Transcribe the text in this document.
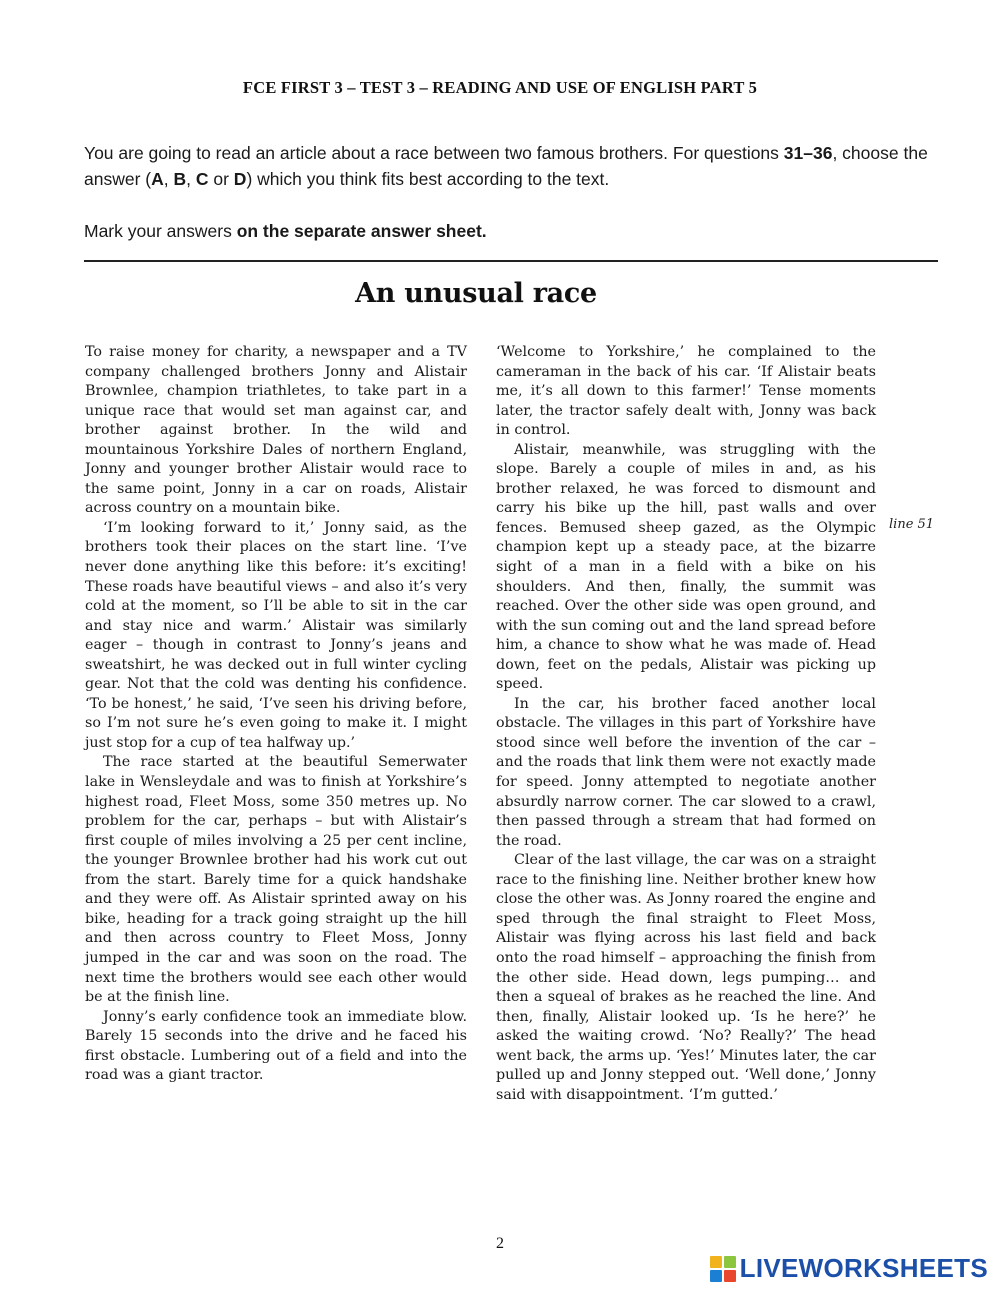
FCE FIRST 3 – TEST 3 – READING AND USE OF ENGLISH PART 5

You are going to read an article about a race between two famous brothers. For questions 31–36, choose the answer (A, B, C or D) which you think fits best according to the text.

Mark your answers on the separate answer sheet.

An unusual race

To raise money for charity, a newspaper and a TV company challenged brothers Jonny and Alistair Brownlee, champion triathletes, to take part in a unique race that would set man against car, and brother against brother. In the wild and mountainous Yorkshire Dales of northern England, Jonny and younger brother Alistair would race to the same point, Jonny in a car on roads, Alistair across country on a mountain bike.

‘I’m looking forward to it,’ Jonny said, as the brothers took their places on the start line. ‘I’ve never done anything like this before: it’s exciting! These roads have beautiful views – and also it’s very cold at the moment, so I’ll be able to sit in the car and stay nice and warm.’ Alistair was similarly eager – though in contrast to Jonny’s jeans and sweatshirt, he was decked out in full winter cycling gear. Not that the cold was denting his confidence. ‘To be honest,’ he said, ‘I’ve seen his driving before, so I’m not sure he’s even going to make it. I might just stop for a cup of tea halfway up.’

The race started at the beautiful Semerwater lake in Wensleydale and was to finish at Yorkshire’s highest road, Fleet Moss, some 350 metres up. No problem for the car, perhaps – but with Alistair’s first couple of miles involving a 25 per cent incline, the younger Brownlee brother had his work cut out from the start. Barely time for a quick handshake and they were off. As Alistair sprinted away on his bike, heading for a track going straight up the hill and then across country to Fleet Moss, Jonny jumped in the car and was soon on the road. The next time the brothers would see each other would be at the finish line.

Jonny’s early confidence took an immediate blow. Barely 15 seconds into the drive and he faced his first obstacle. Lumbering out of a field and into the road was a giant tractor.

‘Welcome to Yorkshire,’ he complained to the cameraman in the back of his car. ‘If Alistair beats me, it’s all down to this farmer!’ Tense moments later, the tractor safely dealt with, Jonny was back in control.

Alistair, meanwhile, was struggling with the slope. Barely a couple of miles in and, as his brother relaxed, he was forced to dismount and carry his bike up the hill, past walls and over fences. Bemused sheep gazed, as the Olympic champion kept up a steady pace, at the bizarre sight of a man in a field with a bike on his shoulders. And then, finally, the summit was reached. Over the other side was open ground, and with the sun coming out and the land spread before him, a chance to show what he was made of. Head down, feet on the pedals, Alistair was picking up speed.

In the car, his brother faced another local obstacle. The villages in this part of Yorkshire have stood since well before the invention of the car – and the roads that link them were not exactly made for speed. Jonny attempted to negotiate another absurdly narrow corner. The car slowed to a crawl, then passed through a stream that had formed on the road.

Clear of the last village, the car was on a straight race to the finishing line. Neither brother knew how close the other was. As Jonny roared the engine and sped through the final straight to Fleet Moss, Alistair was flying across his last field and back onto the road himself – approaching the finish from the other side. Head down, legs pumping… and then a squeal of brakes as he reached the line. And then, finally, Alistair looked up. ‘Is he here?’ he asked the waiting crowd. ‘No? Really?’ The head went back, the arms up. ‘Yes!’ Minutes later, the car pulled up and Jonny stepped out. ‘Well done,’ Jonny said with disappointment. ‘I’m gutted.’

line 51
2
LIVEWORKSHEETS
